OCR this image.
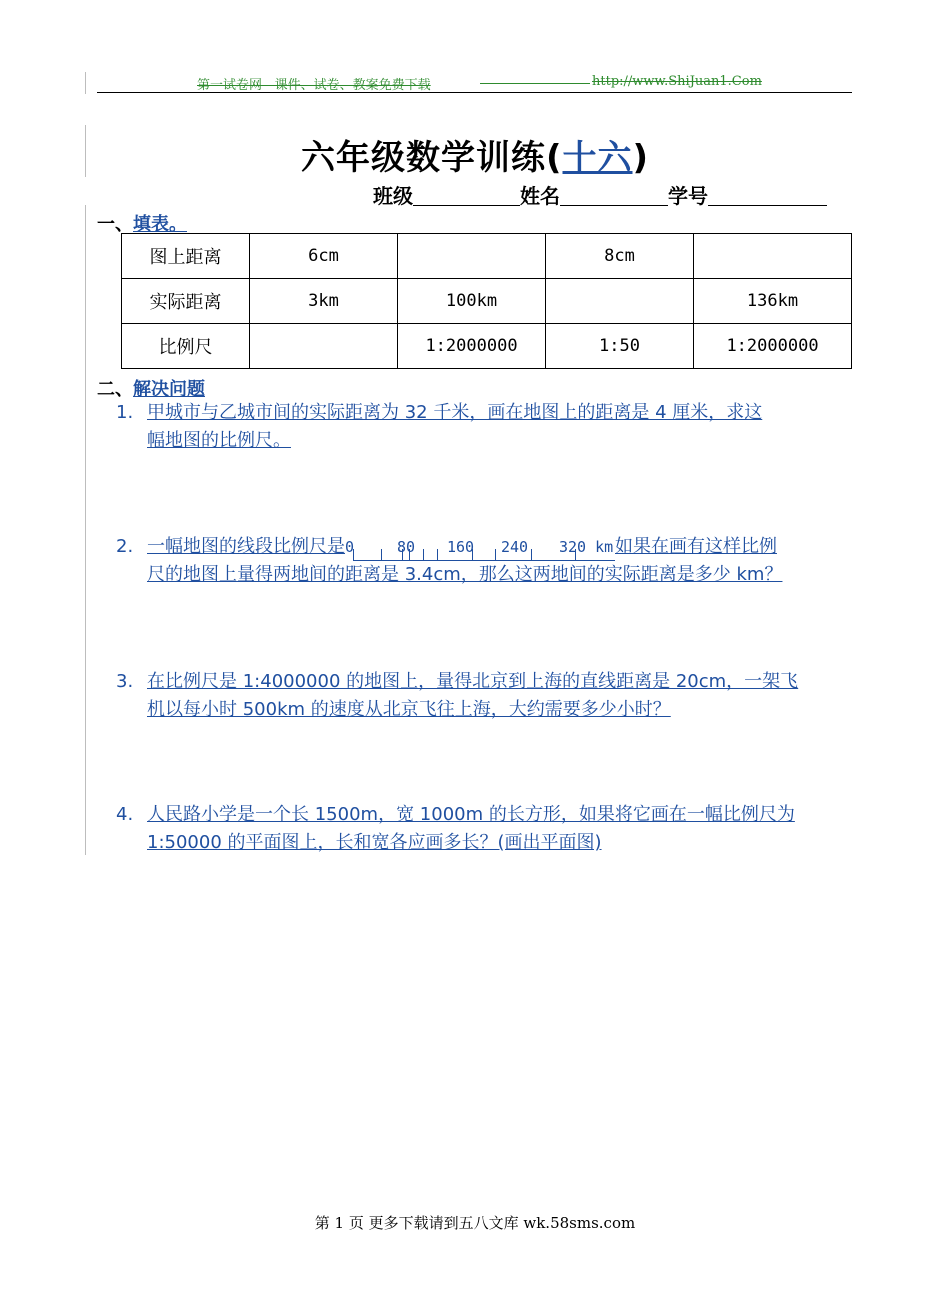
第一试卷网 - 课件、试卷、教案免费下载	http://www.ShiJuan1.Com
六年级数学训练(十六)
班级	姓名	学号
一、填表。
图上距离	6cm		8cm	
实际距离	3km	100km		136km
比例尺		1:2000000	1:50	1:2000000
二、解决问题
1. 甲城市与乙城市间的实际距离为 32 千米，画在地图上的距离是 4 厘米，求这
幅地图的比例尺。
2. 一幅地图的线段比例尺是 0	80 160 240 320 km 如果在画有这样比例
尺的地图上量得两地间的距离是 3.4cm，那么这两地间的实际距离是多少 km？
3. 在比例尺是 1:4000000 的地图上，量得北京到上海的直线距离是 20cm，一架飞
机以每小时 500km 的速度从北京飞往上海，大约需要多少小时？
4. 人民路小学是一个长 1500m，宽 1000m 的长方形，如果将它画在一幅比例尺为
1:50000 的平面图上，长和宽各应画多长？(画出平面图)
第 1 页 更多下载请到五八文库 wk.58sms.com
